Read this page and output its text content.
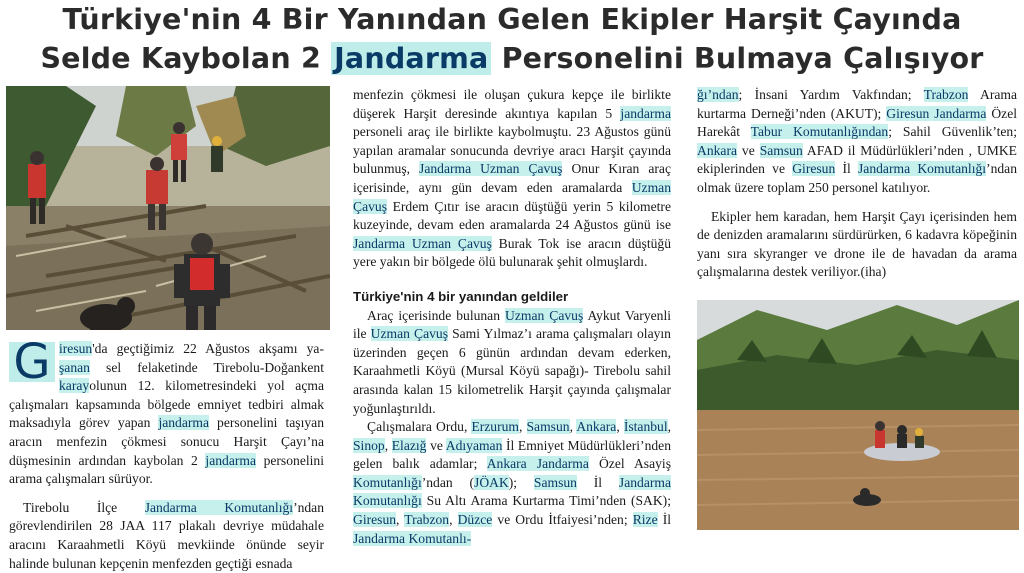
Türkiye'nin 4 Bir Yanından Gelen Ekipler Harşit Çayında
Selde Kaybolan 2 Jandarma Personelini Bulmaya Çalışıyor

G iresun'da geçtiğimiz 22 Ağustos akşamı ya- şanan sel felaketinde Tirebolu-Doğankent karayolunun 12. kilometresindeki yol açma çalışmaları kapsamında bölgede emniyet tedbiri almak maksadıyla görev yapan jandarma personelini taşıyan aracın menfezin çökmesi sonucu Harşit Çayı’na düşmesinin ardından kaybolan 2 jandarma personelini arama çalışmaları sürüyor.

Tirebolu İlçe Jandarma Komutanlığı’ndan görevlendirilen 28 JAA 117 plakalı devriye müdahale aracını Karaahmetli Köyü mevkiinde önünde seyir halinde bulunan kepçenin menfezden geçtiği esnada

menfezin çökmesi ile oluşan çukura kepçe ile birlikte düşerek Harşit deresinde akıntıya kapılan 5 jandarma personeli araç ile birlikte kaybolmuştu. 23 Ağustos günü yapılan aramalar sonucunda devriye aracı Harşit çayında bulunmuş, Jandarma Uzman Çavuş Onur Kıran araç içerisinde, aynı gün devam eden aramalarda Uzman Çavuş Erdem Çıtır ise aracın düştüğü yerin 5 kilometre kuzeyinde, devam eden aramalarda 24 Ağustos günü ise Jandarma Uzman Çavuş Burak Tok ise aracın düştüğü yere yakın bir bölgede ölü bulunarak şehit olmuşlardı.

Türkiye'nin 4 bir yanından geldiler

Araç içerisinde bulunan Uzman Çavuş Aykut Varyenli ile Uzman Çavuş Sami Yılmaz’ı arama çalışmaları olayın üzerinden geçen 6 günün ardından devam ederken, Karaahmetli Köyü (Mursal Köyü sapağı)- Tirebolu sahil arasında kalan 15 kilometrelik Harşit çayında çalışmalar yoğunlaştırıldı.

Çalışmalara Ordu, Erzurum, Samsun, Ankara, İstanbul, Sinop, Elazığ ve Adıyaman İl Emniyet Müdürlükleri’nden gelen balık adamlar; Ankara Jandarma Özel Asayiş Komutanlığı’ndan (JÖAK); Samsun İl Jandarma Komutanlığı Su Altı Arama Kurtarma Timi’nden (SAK); Giresun, Trabzon, Düzce ve Ordu İtfaiyesi’nden; Rize İl Jandarma Komutanlı-

ğı’ndan; İnsani Yardım Vakfından; Trabzon Arama kurtarma Derneği’nden (AKUT); Giresun Jandarma Özel Harekât Tabur Komutanlığından; Sahil Güvenlik’ten; Ankara ve Samsun AFAD il Müdürlükleri’nden , UMKE ekiplerinden ve Giresun İl Jandarma Komutanlığı’ndan olmak üzere toplam 250 personel katılıyor.

Ekipler hem karadan, hem Harşit Çayı içerisinden hem de denizden aramalarını sürdürürken, 6 kadavra köpeğinin yanı sıra skyranger ve drone ile de havadan da arama çalışmalarına destek veriliyor.(iha)
